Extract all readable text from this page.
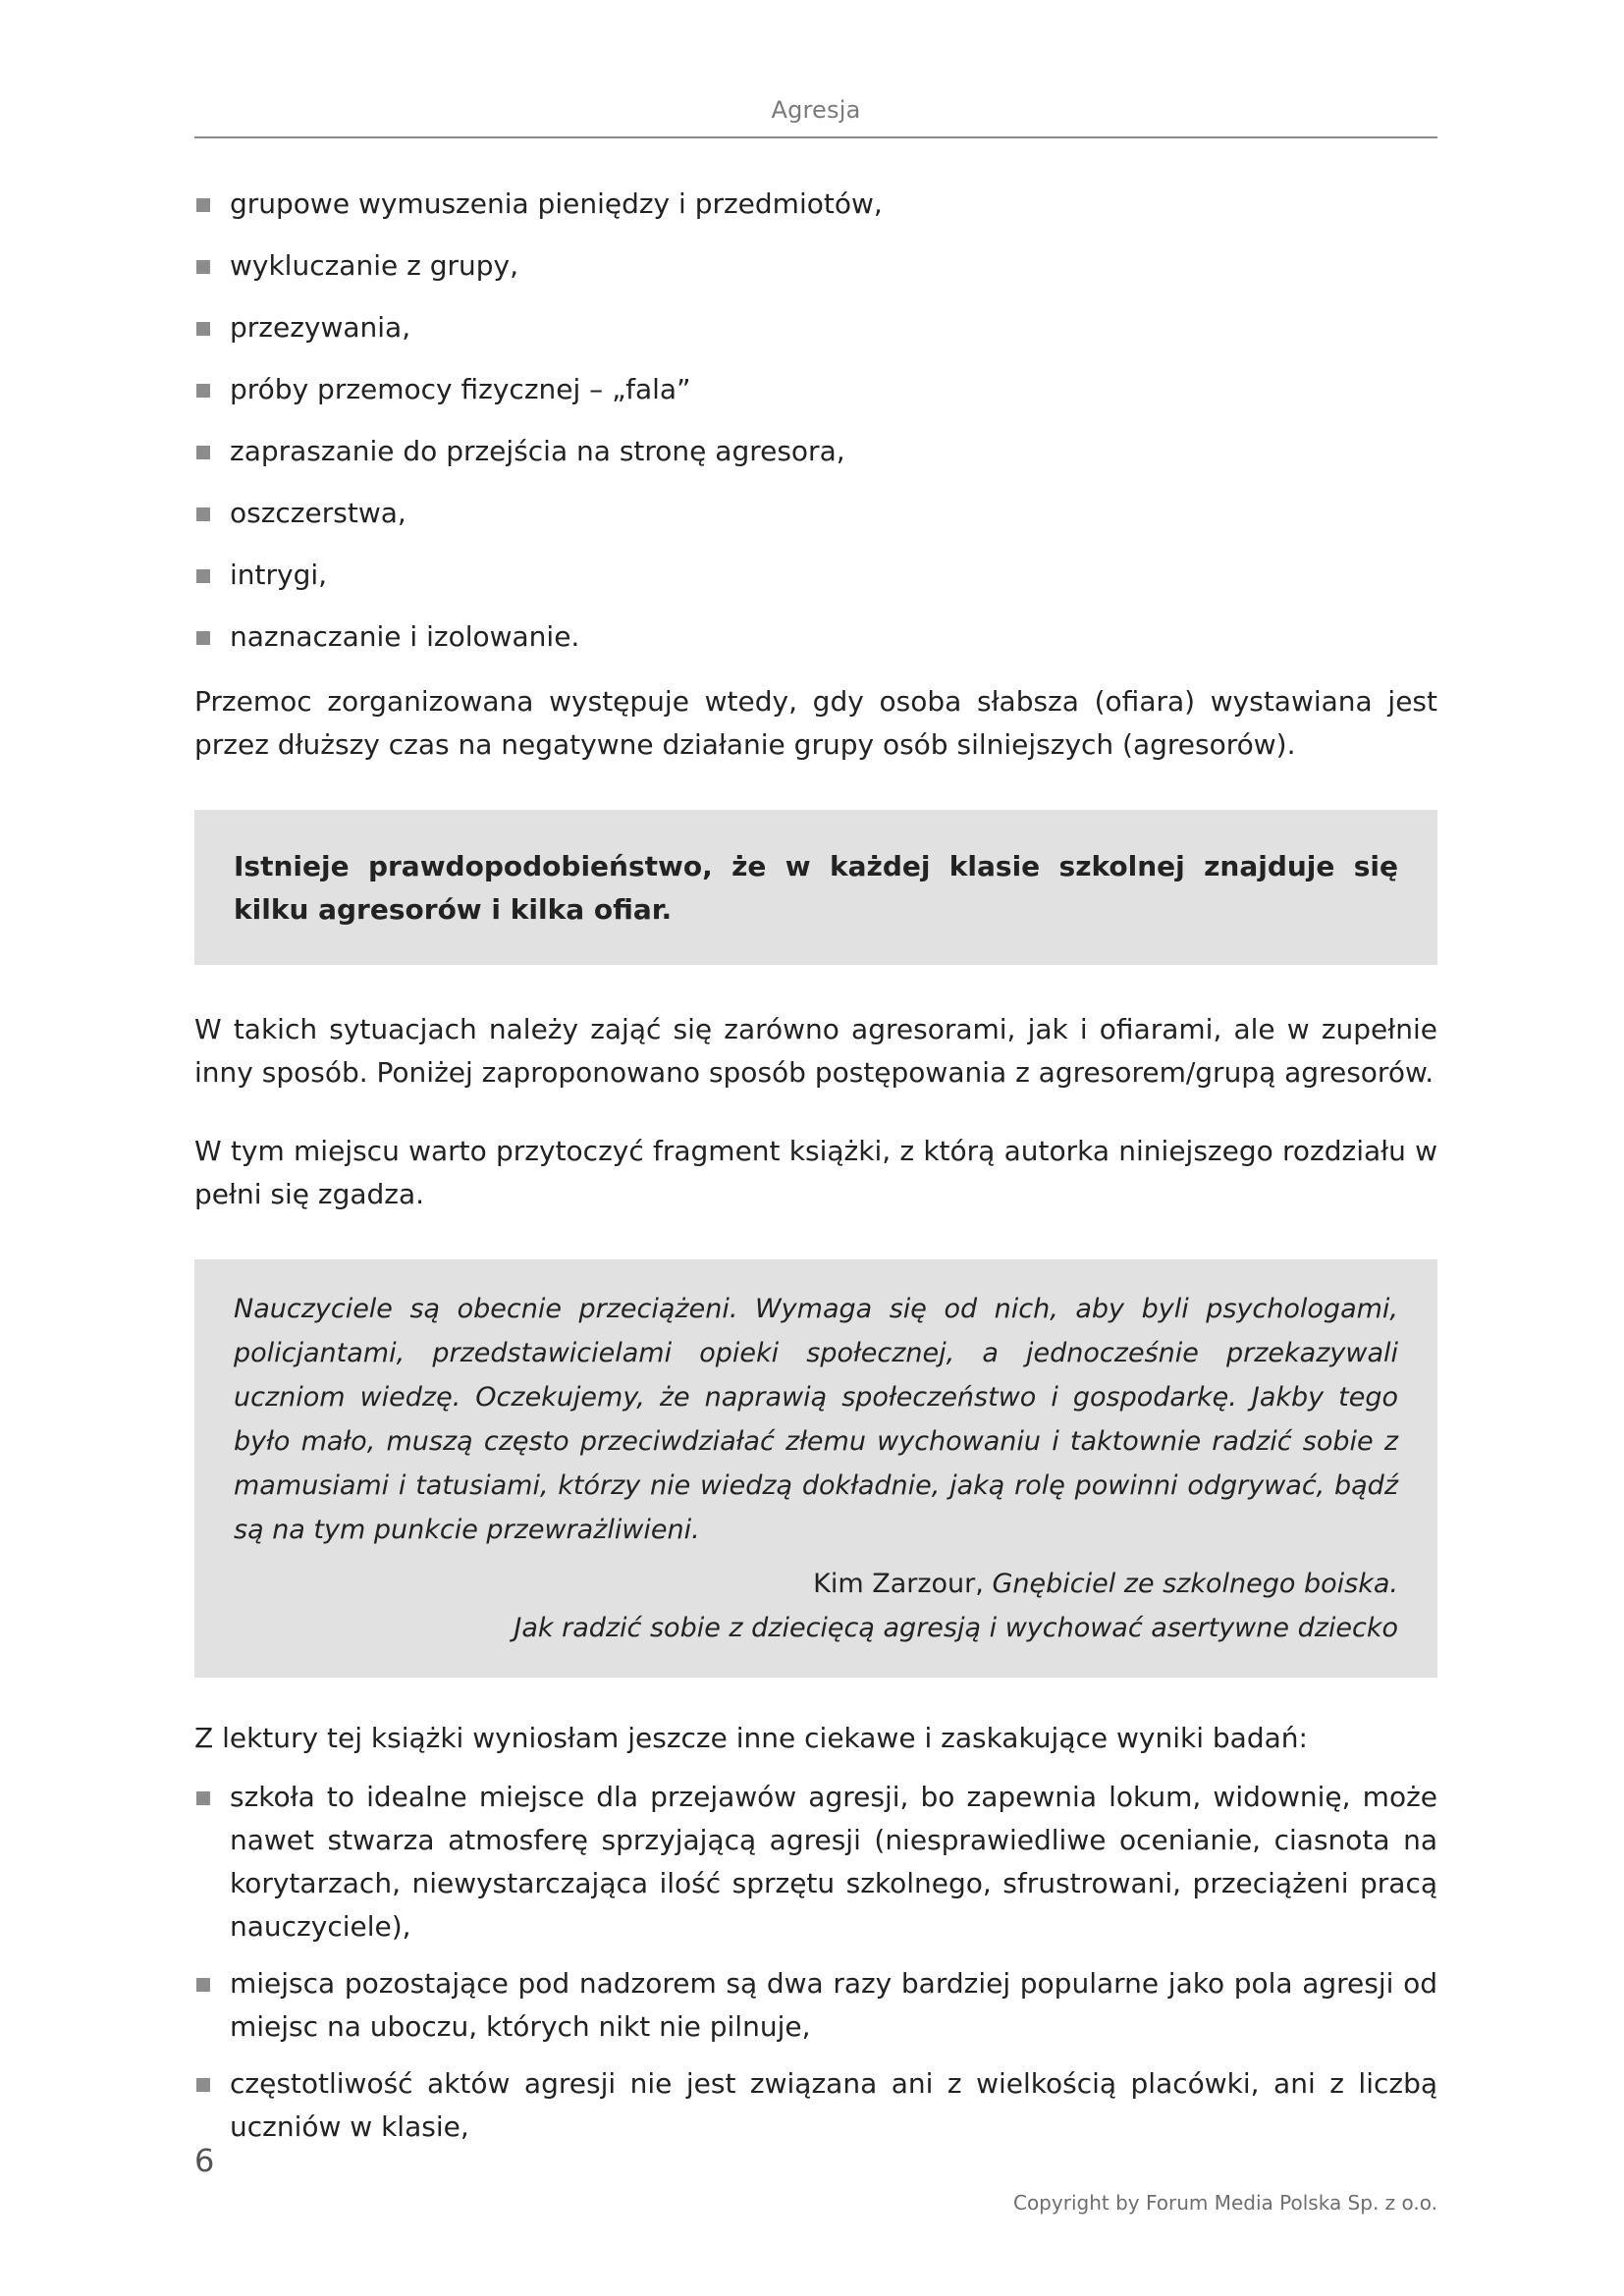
Agresja
grupowe wymuszenia pieniędzy i przedmiotów,
wykluczanie z grupy,
przezywania,
próby przemocy fizycznej – „fala”
zapraszanie do przejścia na stronę agresora,
oszczerstwa,
intrygi,
naznaczanie i izolowanie.

Przemoc zorganizowana występuje wtedy, gdy osoba słabsza (ofiara) wystawiana jest przez dłuższy czas na negatywne działanie grupy osób silniejszych (agresorów).

Istnieje prawdopodobieństwo, że w każdej klasie szkolnej znajduje się kilku agresorów i kilka ofiar.

W takich sytuacjach należy zająć się zarówno agresorami, jak i ofiarami, ale w zupełnie inny sposób. Poniżej zaproponowano sposób postępowania z agresorem/grupą agresorów.

W tym miejscu warto przytoczyć fragment książki, z którą autorka niniejszego rozdziału w pełni się zgadza.

Nauczyciele są obecnie przeciążeni. Wymaga się od nich, aby byli psychologami, policjantami, przedstawicielami opieki społecznej, a jednocześnie przekazywali uczniom wiedzę. Oczekujemy, że naprawią społeczeństwo i gospodarkę. Jakby tego było mało, muszą często przeciwdziałać złemu wychowaniu i taktownie radzić sobie z mamusiami i tatusiami, którzy nie wiedzą dokładnie, jaką rolę powinni odgrywać, bądź są na tym punkcie przewrażliwieni.

Kim Zarzour, Gnębiciel ze szkolnego boiska.

Jak radzić sobie z dziecięcą agresją i wychować asertywne dziecko

Z lektury tej książki wyniosłam jeszcze inne ciekawe i zaskakujące wyniki badań:

szkoła to idealne miejsce dla przejawów agresji, bo zapewnia lokum, widownię, może nawet stwarza atmosferę sprzyjającą agresji (niesprawiedliwe ocenianie, ciasnota na korytarzach, niewystarczająca ilość sprzętu szkolnego, sfrustrowani, przeciążeni pracą nauczyciele),
miejsca pozostające pod nadzorem są dwa razy bardziej popularne jako pola agresji od miejsc na uboczu, których nikt nie pilnuje,
częstotliwość aktów agresji nie jest związana ani z wielkością placówki, ani z liczbą uczniów w klasie,
6
Copyright by Forum Media Polska Sp. z o.o.
